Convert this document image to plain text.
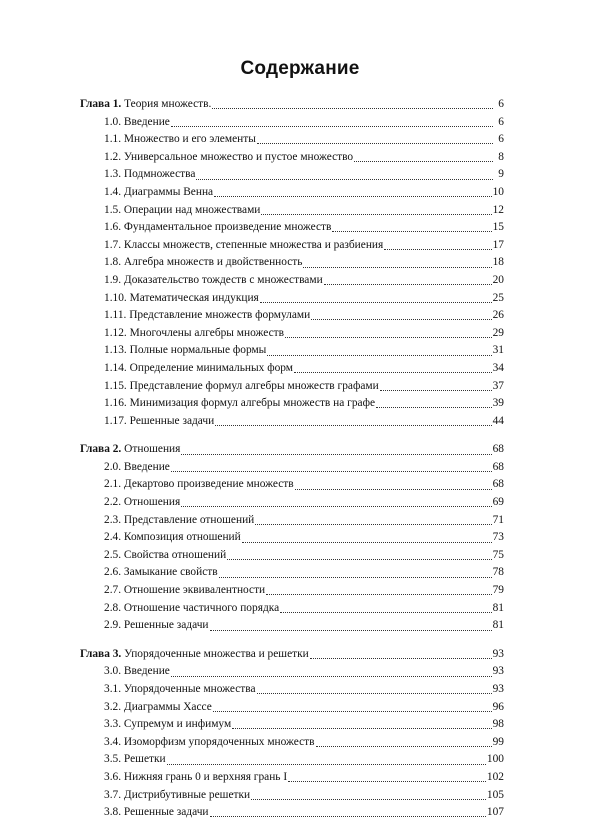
Содержание
Глава 1. Теория множеств.	6
1.0. Введение	6
1.1. Множество и его элементы	6
1.2. Универсальное множество и пустое множество	8
1.3. Подмножества	9
1.4. Диаграммы Венна	10
1.5. Операции над множествами	12
1.6. Фундаментальное произведение множеств	15
1.7. Классы множеств, степенные множества и разбиения	17
1.8. Алгебра множеств и двойственность	18
1.9. Доказательство тождеств с множествами	20
1.10. Математическая индукция	25
1.11. Представление множеств формулами	26
1.12. Многочлены алгебры множеств	29
1.13. Полные нормальные формы	31
1.14. Определение минимальных форм	34
1.15. Представление формул алгебры множеств графами	37
1.16. Минимизация формул алгебры множеств на графе	39
1.17. Решенные задачи	44
Глава 2. Отношения	68
2.0. Введение	68
2.1. Декартово произведение множеств	68
2.2. Отношения	69
2.3. Представление отношений	71
2.4. Композиция отношений	73
2.5. Свойства отношений	75
2.6. Замыкание свойств	78
2.7. Отношение эквивалентности	79
2.8. Отношение частичного порядка	81
2.9. Решенные задачи	81
Глава 3. Упорядоченные множества и решетки	93
3.0. Введение	93
3.1. Упорядоченные множества	93
3.2. Диаграммы Хассе	96
3.3. Супремум и инфимум	98
3.4. Изоморфизм упорядоченных множеств	99
3.5. Решетки	100
3.6. Нижняя грань 0 и верхняя грань I	102
3.7. Дистрибутивные решетки	105
3.8. Решенные задачи	107
